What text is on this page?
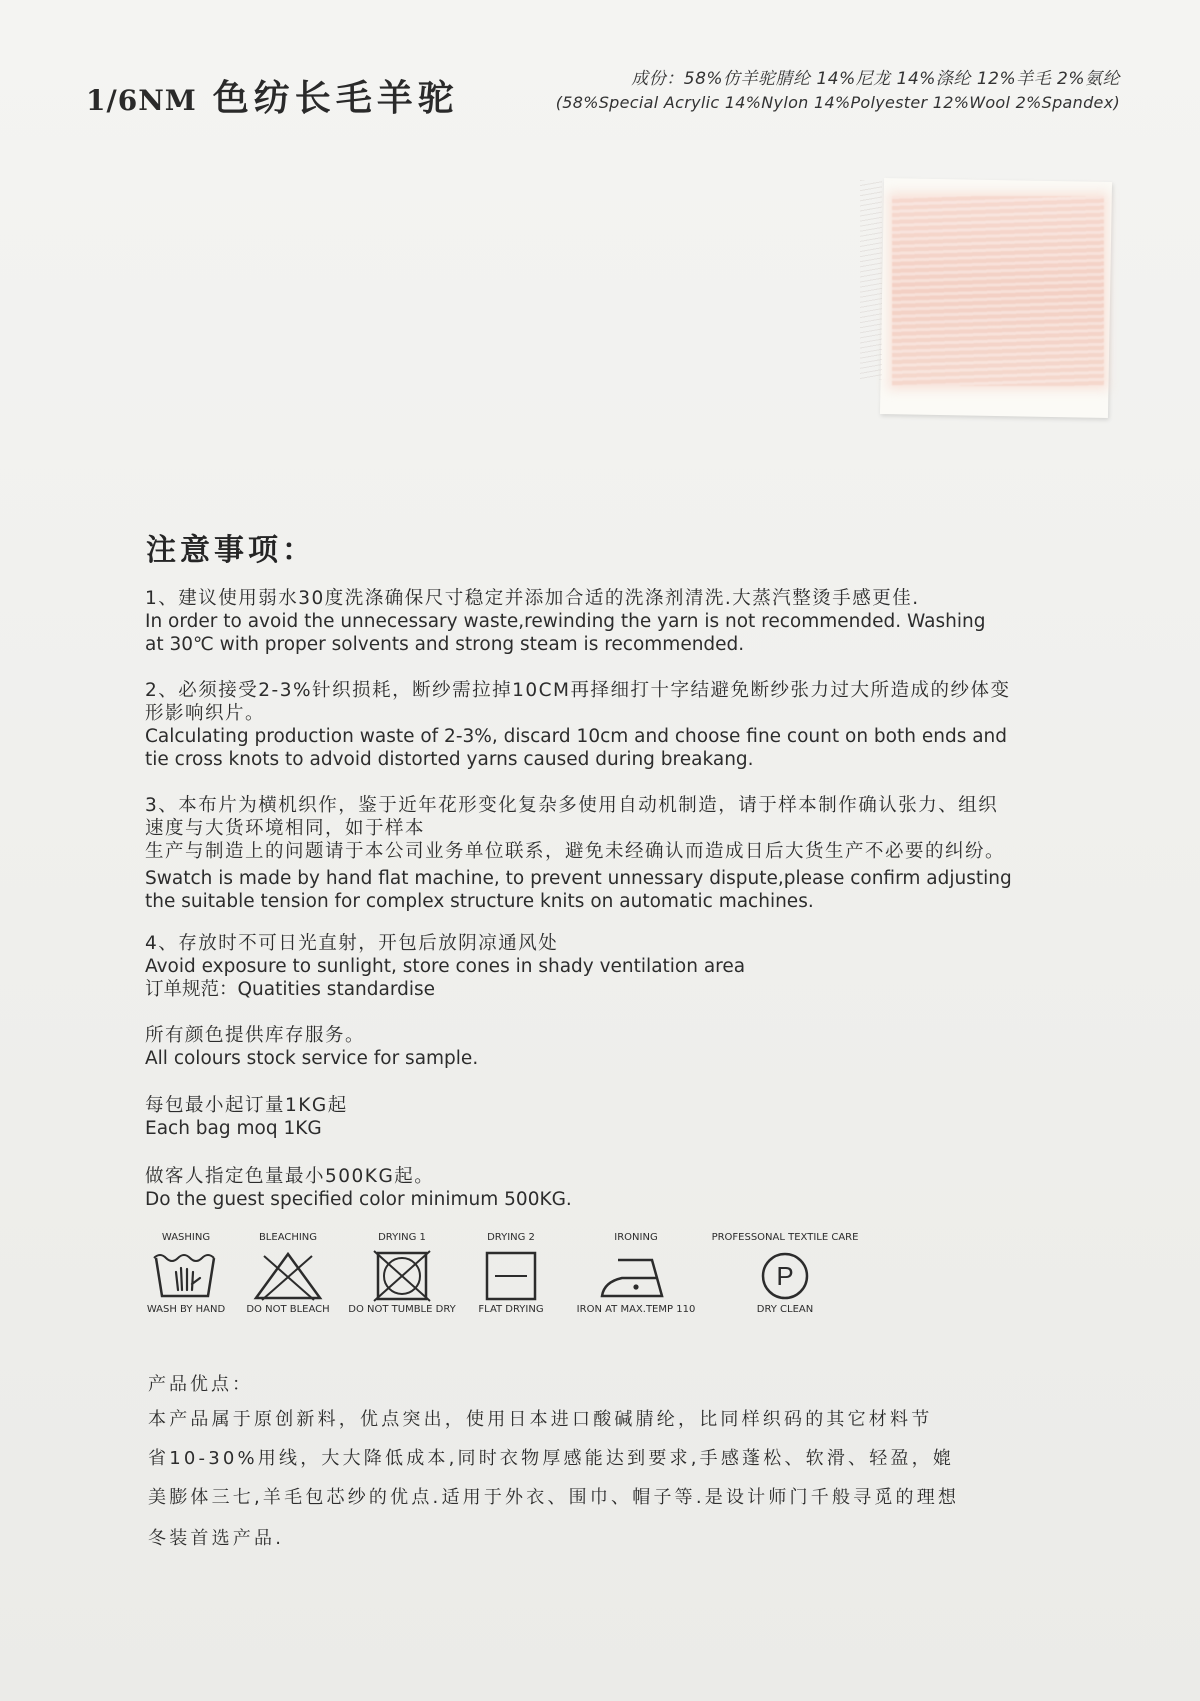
1/6NM 色纺长毛羊驼	成份：58%仿羊驼腈纶 14%尼龙 14%涤纶 12%羊毛 2%氨纶
(58%Special Acrylic 14%Nylon 14%Polyester 12%Wool 2%Spandex)
注意事项：
1、建议使用弱水30度洗涤确保尺寸稳定并添加合适的洗涤剂清洗.大蒸汽整烫手感更佳.
In order to avoid the unnecessary waste,rewinding the yarn is not recommended. Washing
at 30℃ with proper solvents and strong steam is recommended.
2、必须接受2-3%针织损耗，断纱需拉掉10CM再择细打十字结避免断纱张力过大所造成的纱体变
形影响织片。
Calculating production waste of 2-3%, discard 10cm and choose fine count on both ends and
tie cross knots to advoid distorted yarns caused during breakang.
3、本布片为横机织作，鉴于近年花形变化复杂多使用自动机制造，请于样本制作确认张力、组织
速度与大货环境相同，如于样本
生产与制造上的问题请于本公司业务单位联系，避免未经确认而造成日后大货生产不必要的纠纷。
Swatch is made by hand flat machine, to prevent unnessary dispute,please confirm adjusting
the suitable tension for complex structure knits on automatic machines.
4、存放时不可日光直射，开包后放阴凉通风处
Avoid exposure to sunlight, store cones in shady ventilation area
订单规范：Quatities standardise
所有颜色提供库存服务。
All colours stock service for sample.
每包最小起订量1KG起
Each bag moq 1KG
做客人指定色量最小500KG起。
Do the guest specified color minimum 500KG.
WASHING
WASH BY HAND
BLEACHING
DO NOT BLEACH
DRYING 1
DO NOT TUMBLE DRY
DRYING 2
FLAT DRYING
IRONING
IRON AT MAX.TEMP 110
PROFESSONAL TEXTILE CARE
P
DRY CLEAN
产品优点：
本产品属于原创新料，优点突出，使用日本进口酸碱腈纶，比同样织码的其它材料节
省10-30%用线，大大降低成本,同时衣物厚感能达到要求,手感蓬松、软滑、轻盈，媲
美膨体三七,羊毛包芯纱的优点.适用于外衣、围巾、帽子等.是设计师门千般寻觅的理想
冬装首选产品.
